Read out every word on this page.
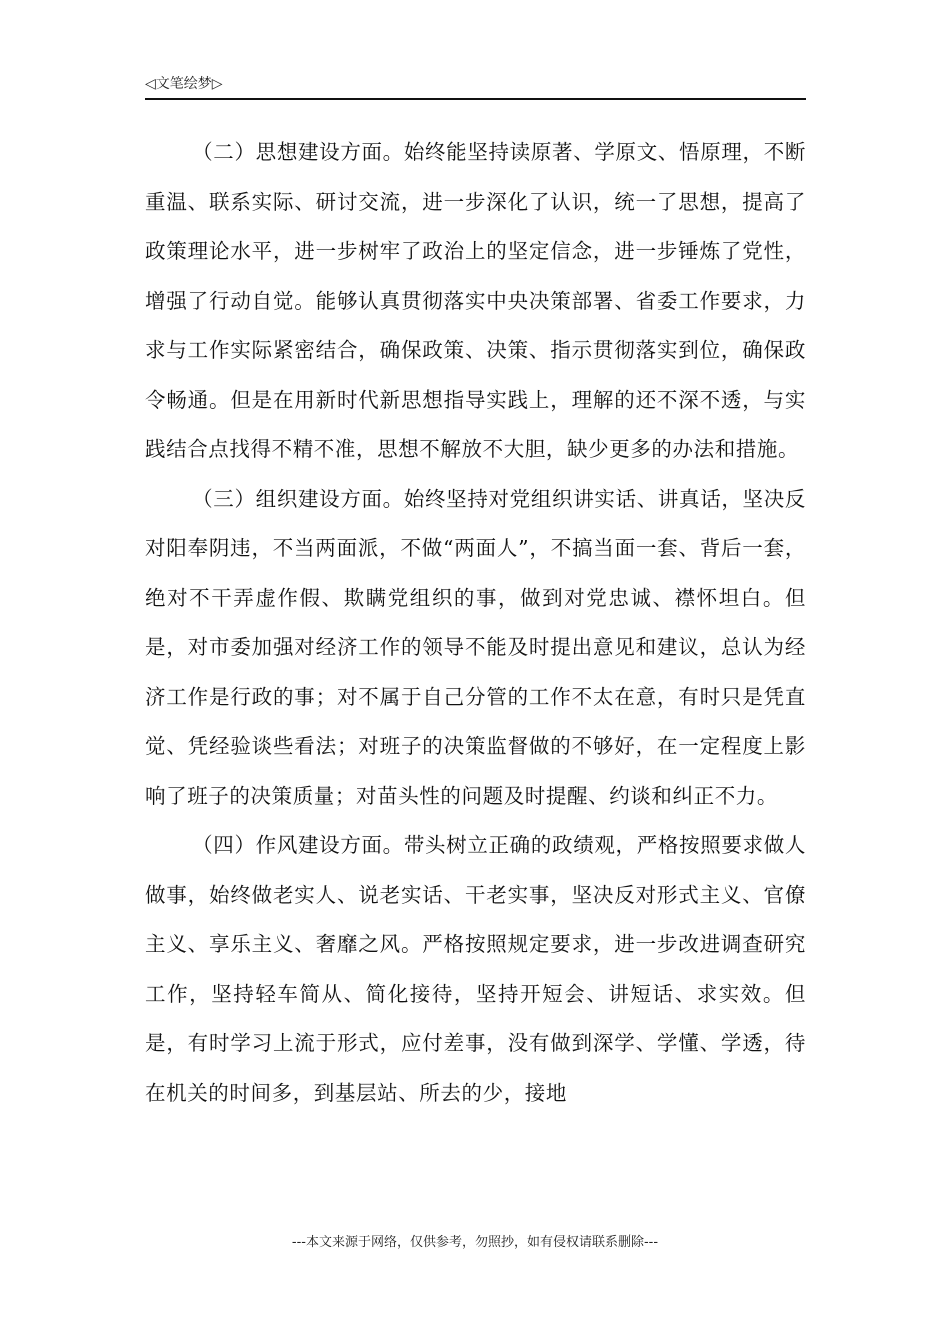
◁文笔绘梦▷

（二）思想建设方面。始终能坚持读原著、学原文、悟原理，不断重温、联系实际、研讨交流，进一步深化了认识，统一了思想，提高了政策理论水平，进一步树牢了政治上的坚定信念，进一步锤炼了党性，增强了行动自觉。能够认真贯彻落实中央决策部署、省委工作要求，力求与工作实际紧密结合，确保政策、决策、指示贯彻落实到位，确保政令畅通。但是在用新时代新思想指导实践上，理解的还不深不透，与实践结合点找得不精不准，思想不解放不大胆，缺少更多的办法和措施。

（三）组织建设方面。始终坚持对党组织讲实话、讲真话，坚决反对阳奉阴违，不当两面派，不做“两面人”，不搞当面一套、背后一套，绝对不干弄虚作假、欺瞒党组织的事，做到对党忠诚、襟怀坦白。但是，对市委加强对经济工作的领导不能及时提出意见和建议，总认为经济工作是行政的事；对不属于自己分管的工作不太在意，有时只是凭直觉、凭经验谈些看法；对班子的决策监督做的不够好，在一定程度上影响了班子的决策质量；对苗头性的问题及时提醒、约谈和纠正不力。

（四）作风建设方面。带头树立正确的政绩观，严格按照要求做人做事，始终做老实人、说老实话、干老实事，坚决反对形式主义、官僚主义、享乐主义、奢靡之风。严格按照规定要求，进一步改进调查研究工作，坚持轻车简从、简化接待，坚持开短会、讲短话、求实效。但是，有时学习上流于形式，应付差事，没有做到深学、学懂、学透，待在机关的时间多，到基层站、所去的少，接地

---本文来源于网络，仅供参考，勿照抄，如有侵权请联系删除---
